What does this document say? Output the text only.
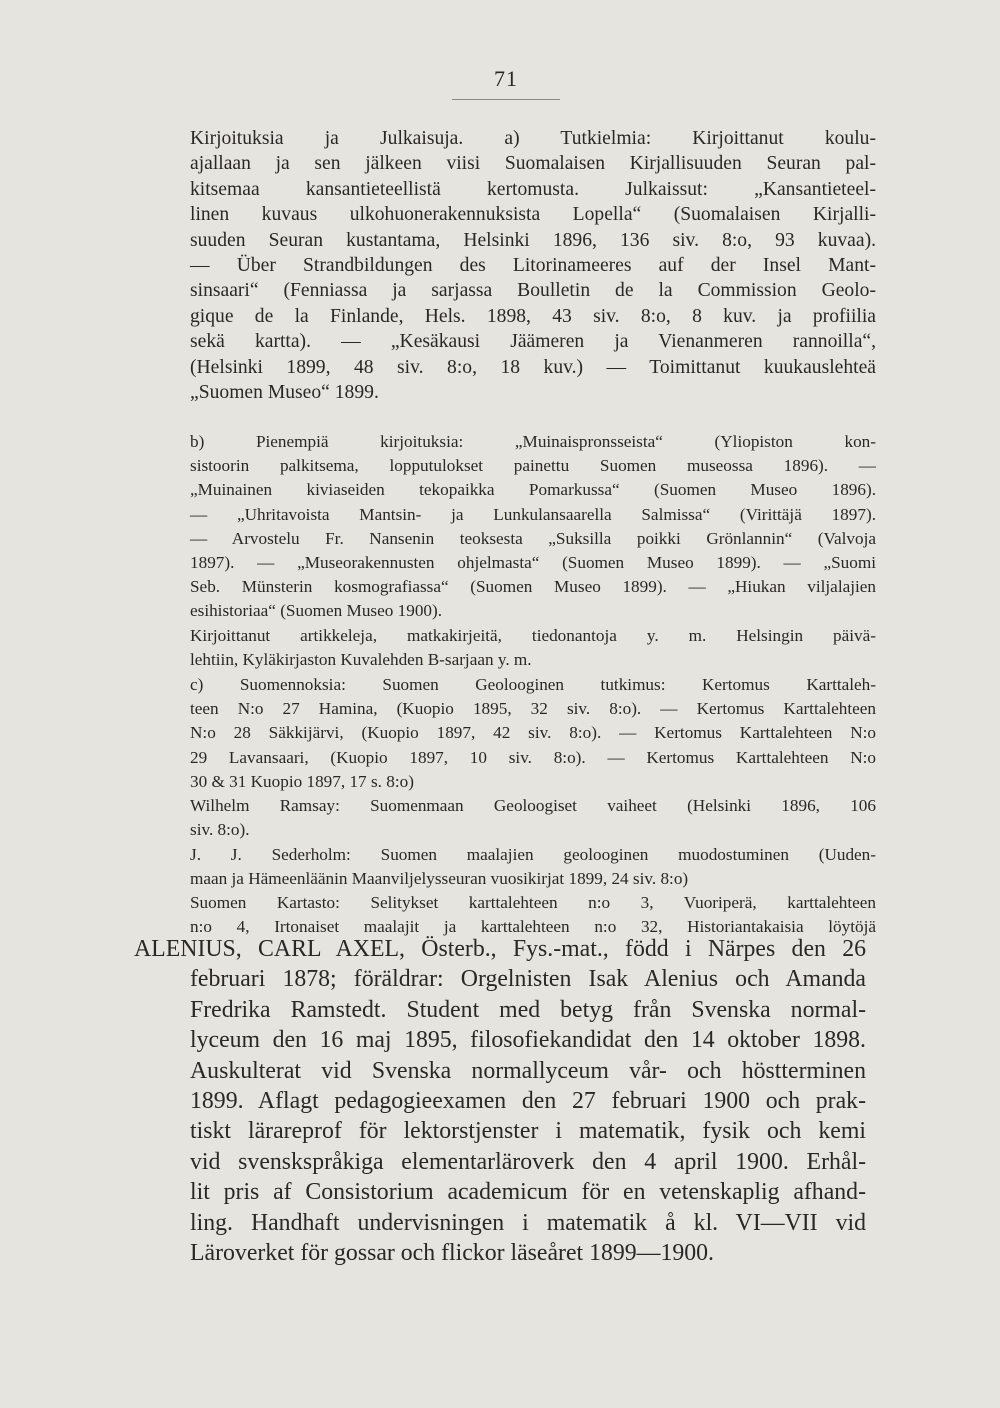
71
Kirjoituksia ja Julkaisuja. a) Tutkielmia: Kirjoittanut koulu-
ajallaan ja sen jälkeen viisi Suomalaisen Kirjallisuuden Seuran pal-
kitsemaa kansantieteellistä kertomusta. Julkaissut: „Kansantieteel-
linen kuvaus ulkohuonerakennuksista Lopella“ (Suomalaisen Kirjalli-
suuden Seuran kustantama, Helsinki 1896, 136 siv. 8:o, 93 kuvaa).
— Über Strandbildungen des Litorinameeres auf der Insel Mant-
sinsaari“ (Fenniassa ja sarjassa Boulletin de la Commission Geolo-
gique de la Finlande, Hels. 1898, 43 siv. 8:o, 8 kuv. ja profiilia
sekä kartta). — „Kesäkausi Jäämeren ja Vienanmeren rannoilla“,
(Helsinki 1899, 48 siv. 8:o, 18 kuv.) — Toimittanut kuukauslehteä
„Suomen Museo“ 1899.
b) Pienempiä kirjoituksia: „Muinaispronsseista“ (Yliopiston kon-
sistoorin palkitsema, lopputulokset painettu Suomen museossa 1896). —
„Muinainen kiviaseiden tekopaikka Pomarkussa“ (Suomen Museo 1896).
— „Uhritavoista Mantsin- ja Lunkulansaarella Salmissa“ (Virittäjä 1897).
— Arvostelu Fr. Nansenin teoksesta „Suksilla poikki Grönlannin“ (Valvoja
1897). — „Museorakennusten ohjelmasta“ (Suomen Museo 1899). — „Suomi
Seb. Münsterin kosmografiassa“ (Suomen Museo 1899). — „Hiukan viljalajien
esihistoriaa“ (Suomen Museo 1900).
Kirjoittanut artikkeleja, matkakirjeitä, tiedonantoja y. m. Helsingin päivä-
lehtiin, Kyläkirjaston Kuvalehden B-sarjaan y. m.
c) Suomennoksia: Suomen Geolooginen tutkimus: Kertomus Karttaleh-
teen N:o 27 Hamina, (Kuopio 1895, 32 siv. 8:o). — Kertomus Karttalehteen
N:o 28 Säkkijärvi, (Kuopio 1897, 42 siv. 8:o). — Kertomus Karttalehteen N:o
29 Lavansaari, (Kuopio 1897, 10 siv. 8:o). — Kertomus Karttalehteen N:o
30 & 31 Kuopio 1897, 17 s. 8:o)
Wilhelm Ramsay: Suomenmaan Geoloogiset vaiheet (Helsinki 1896, 106
siv. 8:o).
J. J. Sederholm: Suomen maalajien geolooginen muodostuminen (Uuden-
maan ja Hämeenläänin Maanviljelysseuran vuosikirjat 1899, 24 siv. 8:o)
Suomen Kartasto: Selitykset karttalehteen n:o 3, Vuoriperä, karttalehteen
n:o 4, Irtonaiset maalajit ja karttalehteen n:o 32, Historiantakaisia löytöjä
ALENIUS, CARL AXEL, Österb., Fys.-mat., född i Närpes den 26
februari 1878; föräldrar: Orgelnisten Isak Alenius och Amanda
Fredrika Ramstedt. Student med betyg från Svenska normal-
lyceum den 16 maj 1895, filosofiekandidat den 14 oktober 1898.
Auskulterat vid Svenska normallyceum vår- och höstterminen
1899. Aflagt pedagogieexamen den 27 februari 1900 och prak-
tiskt lärareprof för lektorstjenster i matematik, fysik och kemi
vid svenskspråkiga elementarläroverk den 4 april 1900. Erhål-
lit pris af Consistorium academicum för en vetenskaplig afhand-
ling. Handhaft undervisningen i matematik å kl. VI—VII vid
Läroverket för gossar och flickor läseåret 1899—1900.
